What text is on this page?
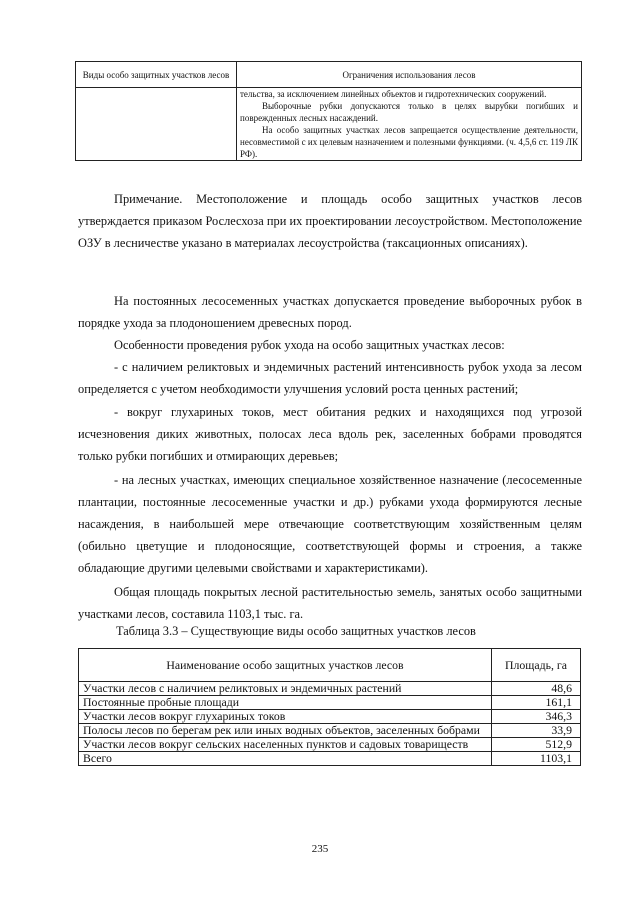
Виды особо защитных участков лесов	Ограничения использования лесов

	тельства, за исключением линейных объектов и гидротехнических сооружений.

Выборочные рубки допускаются только в целях вырубки погибших и поврежденных лесных насаждений.

На особо защитных участках лесов запрещается осуществление деятельности, несовместимой с их целевым назначением и полезными функциями. (ч. 4,5,6 ст. 119 ЛК РФ).

Примечание. Местоположение и площадь особо защитных участков лесов утверждается приказом Рослесхоза при их проектировании лесоустройством. Местоположение ОЗУ в лесничестве указано в материалах лесоустройства (таксационных описаниях).

На постоянных лесосеменных участках допускается проведение выборочных рубок в порядке ухода за плодоношением древесных пород.

Особенности проведения рубок ухода на особо защитных участках лесов:

- с наличием реликтовых и эндемичных растений интенсивность рубок ухода за лесом определяется с учетом необходимости улучшения условий роста ценных растений;

- вокруг глухариных токов, мест обитания редких и находящихся под угрозой исчезновения диких животных, полосах леса вдоль рек, заселенных бобрами проводятся только рубки погибших и отмирающих деревьев;

- на лесных участках, имеющих специальное хозяйственное назначение (лесосеменные плантации, постоянные лесосеменные участки и др.) рубками ухода формируются лесные насаждения, в наибольшей мере отвечающие соответствующим хозяйственным целям (обильно цветущие и плодоносящие, соответствующей формы и строения, а также обладающие другими целевыми свойствами и характеристиками).

Общая площадь покрытых лесной растительностью земель, занятых особо защитными участками лесов, составила 1103,1 тыс. га.

Таблица 3.3 – Существующие виды особо защитных участков лесов
Наименование особо защитных участков лесов	Площадь, га
Участки лесов с наличием реликтовых и эндемичных растений	48,6
Постоянные пробные площади	161,1
Участки лесов вокруг глухариных токов	346,3
Полосы лесов по берегам рек или иных водных объектов, заселенных бобрами	33,9
Участки лесов вокруг сельских населенных пунктов и садовых товариществ	512,9
Всего	1103,1
235
